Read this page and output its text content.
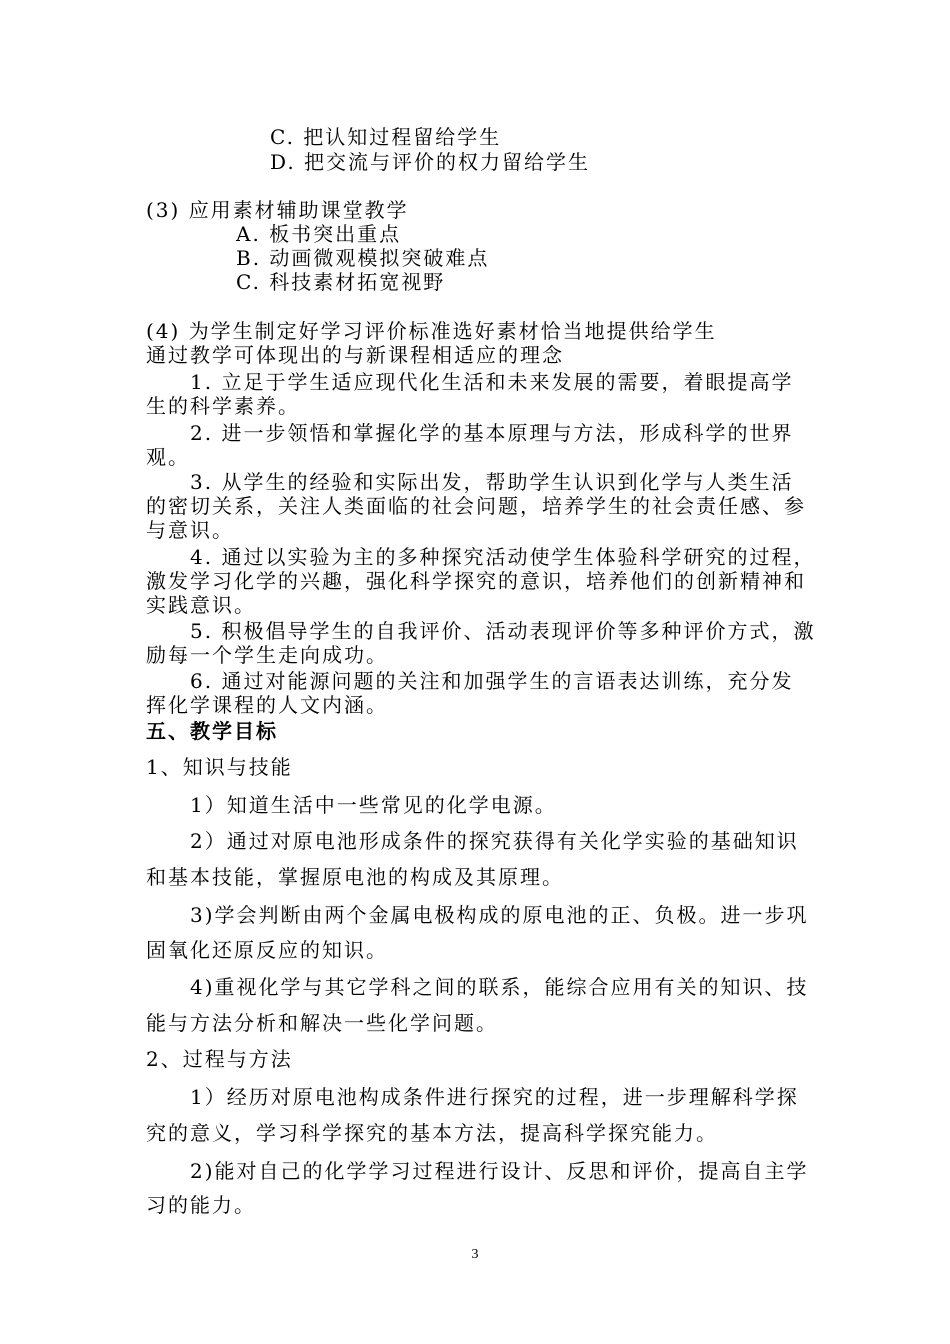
C. 把认知过程留给学生
D. 把交流与评价的权力留给学生
(3) 应用素材辅助课堂教学
A. 板书突出重点
B. 动画微观模拟突破难点
C. 科技素材拓宽视野
(4) 为学生制定好学习评价标准选好素材恰当地提供给学生
通过教学可体现出的与新课程相适应的理念
1. 立足于学生适应现代化生活和未来发展的需要，着眼提高学
生的科学素养。
2. 进一步领悟和掌握化学的基本原理与方法，形成科学的世界
观。
3. 从学生的经验和实际出发，帮助学生认识到化学与人类生活
的密切关系，关注人类面临的社会问题，培养学生的社会责任感、参
与意识。
4. 通过以实验为主的多种探究活动使学生体验科学研究的过程，
激发学习化学的兴趣，强化科学探究的意识，培养他们的创新精神和
实践意识。
5. 积极倡导学生的自我评价、活动表现评价等多种评价方式，激
励每一个学生走向成功。
6. 通过对能源问题的关注和加强学生的言语表达训练，充分发
挥化学课程的人文内涵。
五、教学目标
1、知识与技能
1）知道生活中一些常见的化学电源。
2）通过对原电池形成条件的探究获得有关化学实验的基础知识
和基本技能，掌握原电池的构成及其原理。
3)学会判断由两个金属电极构成的原电池的正、负极。进一步巩
固氧化还原反应的知识。
4)重视化学与其它学科之间的联系，能综合应用有关的知识、技
能与方法分析和解决一些化学问题。
2、过程与方法
1）经历对原电池构成条件进行探究的过程，进一步理解科学探
究的意义，学习科学探究的基本方法，提高科学探究能力。
2)能对自己的化学学习过程进行设计、反思和评价，提高自主学
习的能力。
3
